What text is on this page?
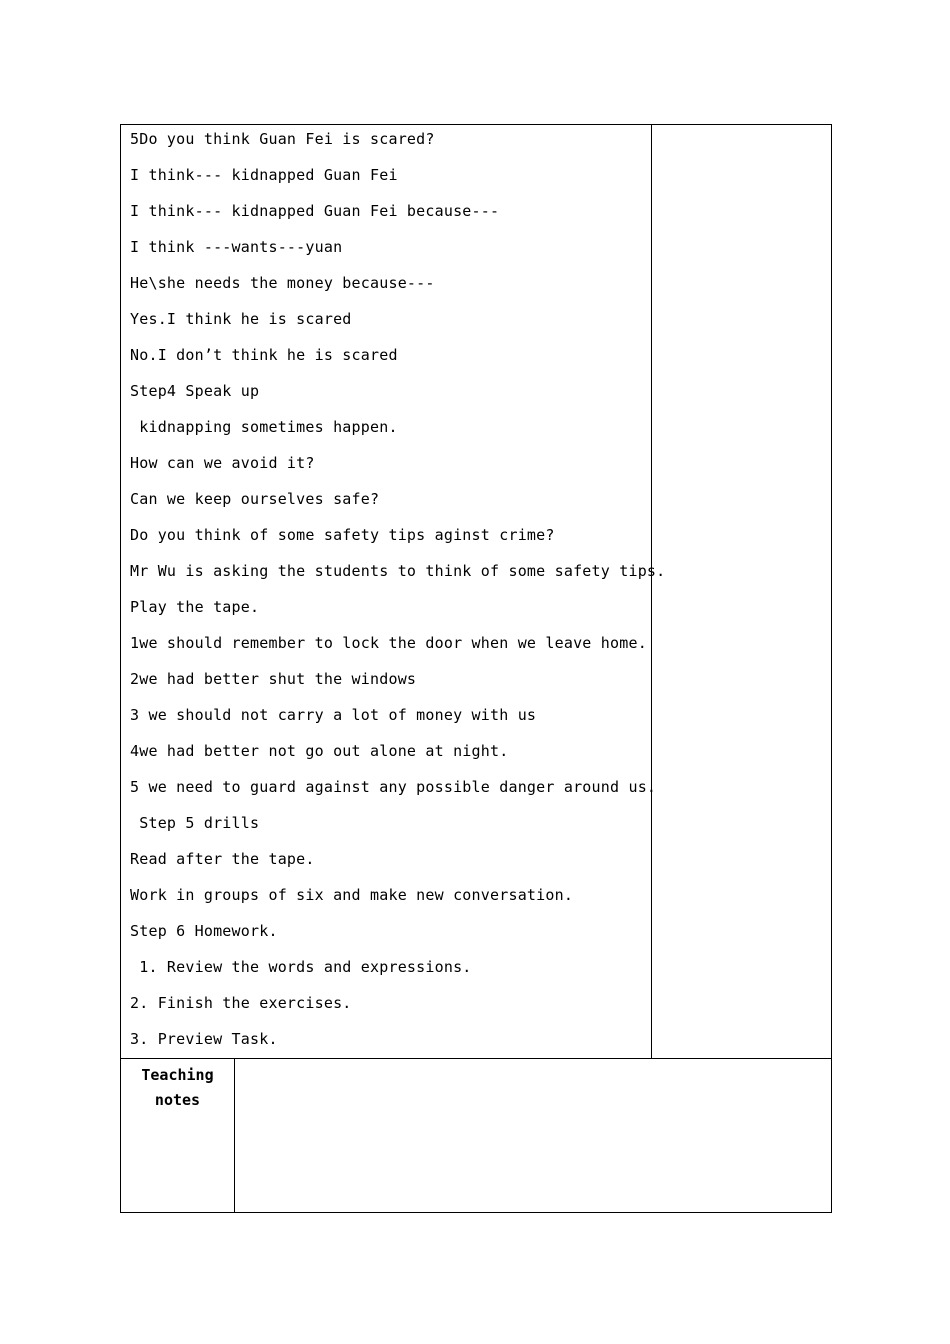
5Do you think Guan Fei is scared?
I think--- kidnapped Guan Fei
I think--- kidnapped Guan Fei because---
I think ---wants---yuan
He\she needs the money because---
Yes.I think he is scared
No.I don’t think he is scared
Step4 Speak up
kidnapping sometimes happen.
How can we avoid it?
Can we keep ourselves safe?
Do you think of some safety tips aginst crime?
Mr Wu is asking the students to think of some safety tips.
Play the tape.
1we should remember to lock the door when we leave home.
2we had better shut the windows
3 we should not carry a lot of money with us
4we had better not go out alone at night.
5 we need to guard against any possible danger around us.
Step 5 drills
Read after the tape.
Work in groups of six and make new conversation.
Step 6 Homework.
1. Review the words and expressions.
2. Finish the exercises.
3. Preview Task.
Teaching
notes
